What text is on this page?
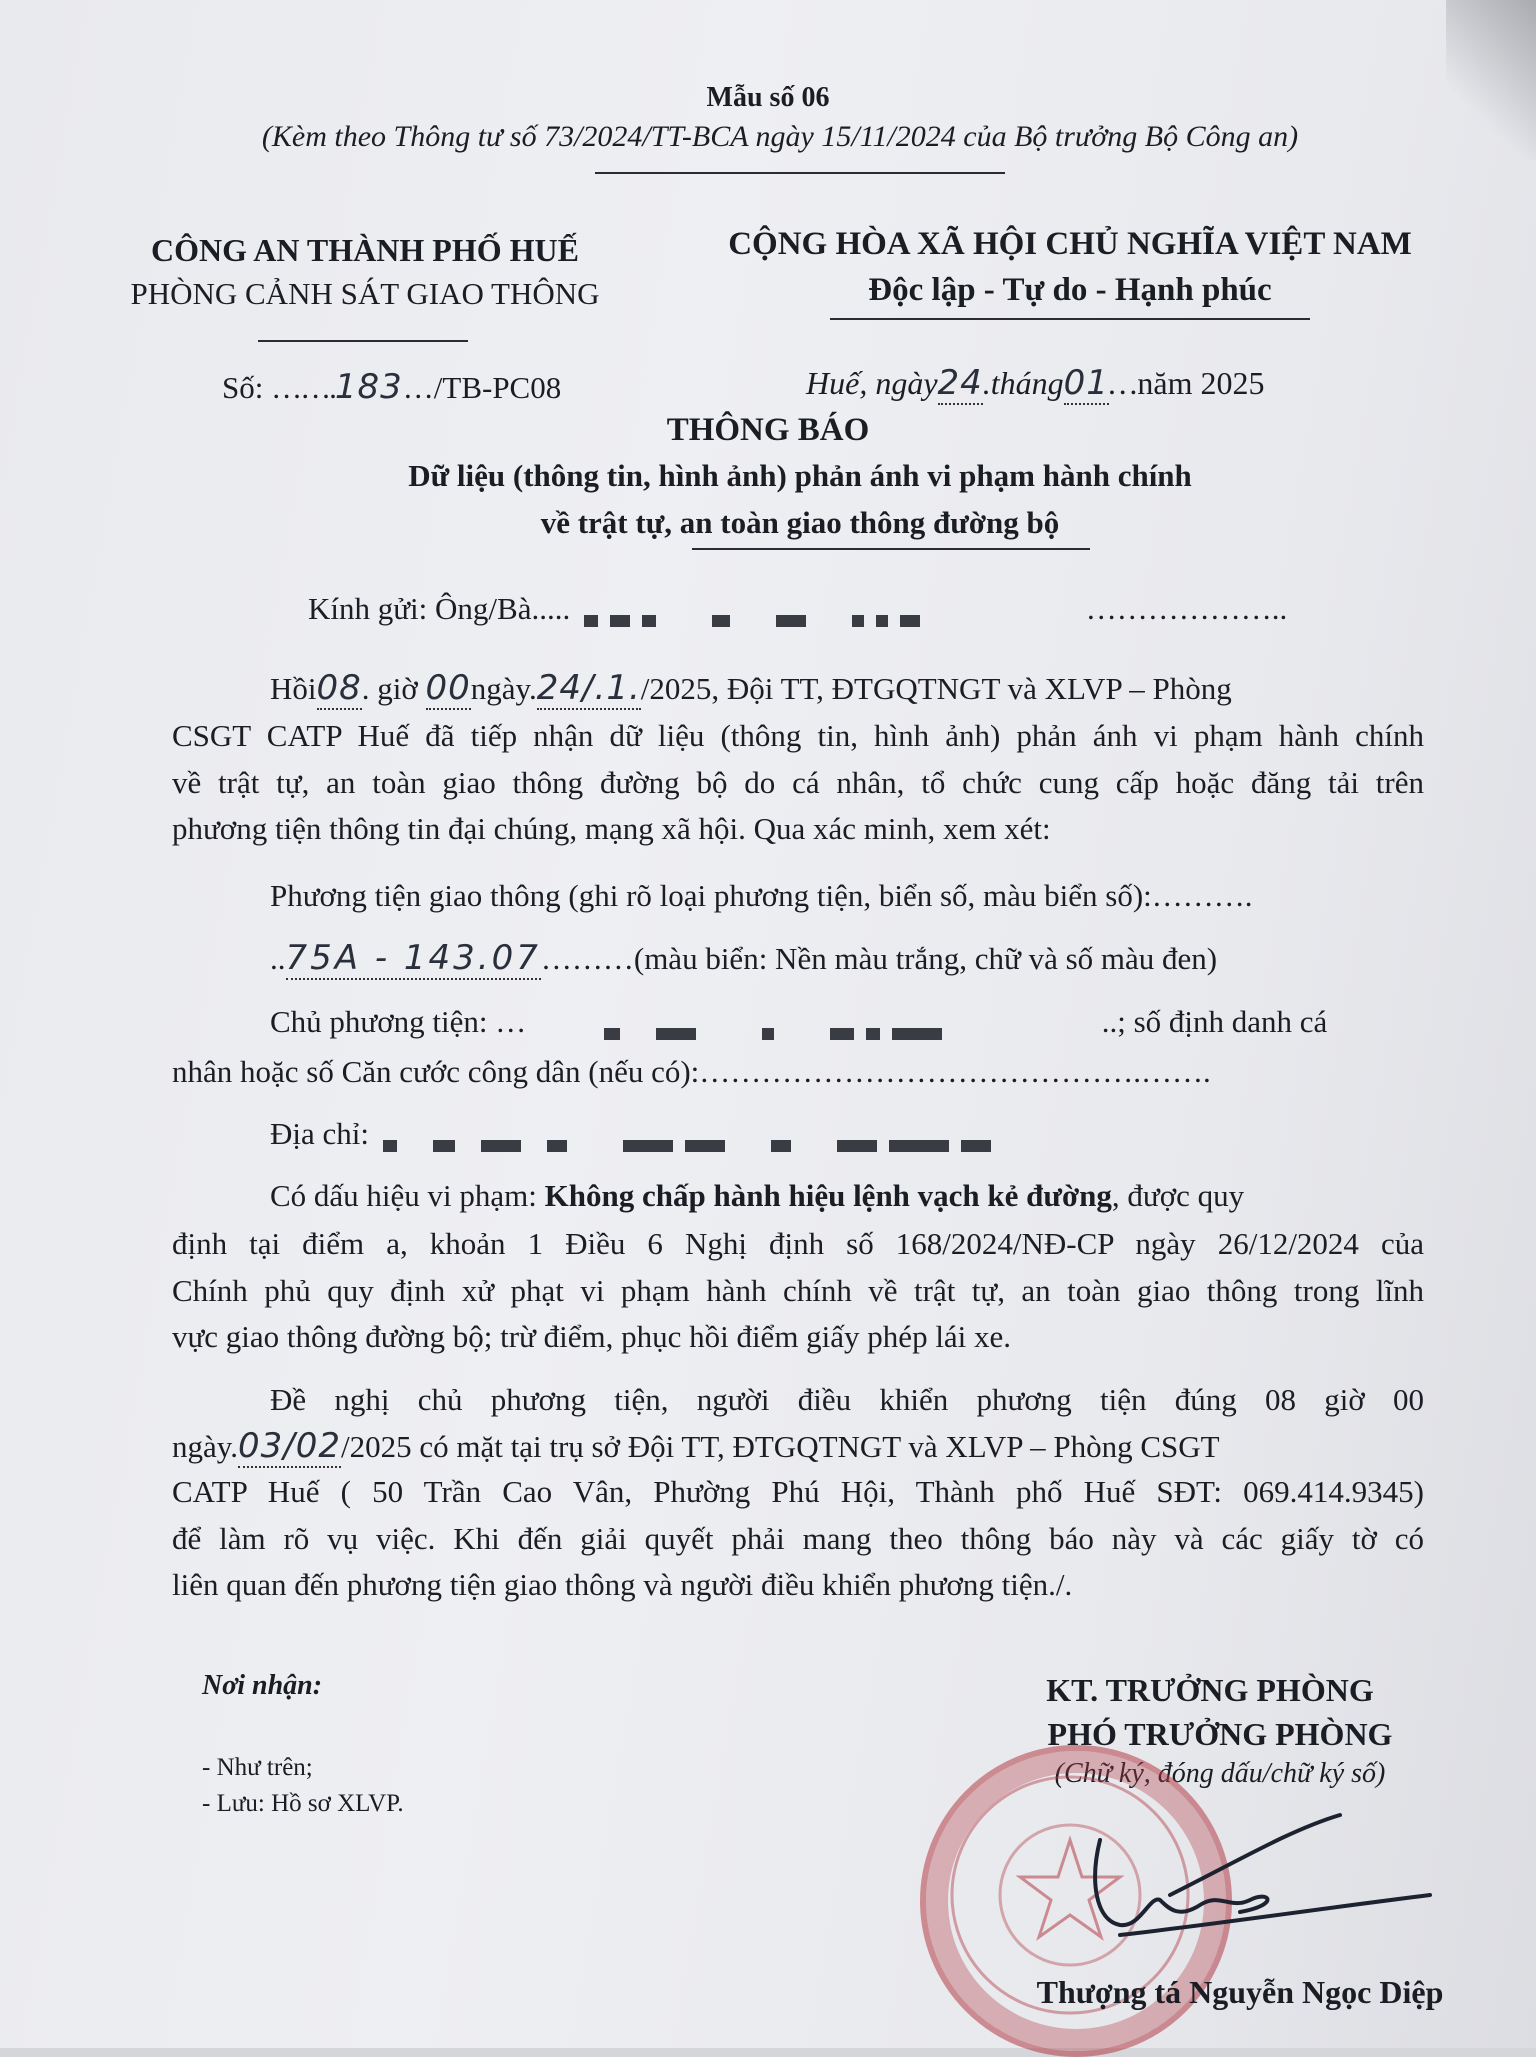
Mẫu số 06
(Kèm theo Thông tư số 73/2024/TT-BCA ngày 15/11/2024 của Bộ trưởng Bộ Công an)
CÔNG AN THÀNH PHỐ HUẾ
PHÒNG CẢNH SÁT GIAO THÔNG
CỘNG HÒA XÃ HỘI CHỦ NGHĨA VIỆT NAM
Độc lập - Tự do - Hạnh phúc
Số: …….183…/TB-PC08	Huế, ngày24.tháng01…năm 2025
THÔNG BÁO
Dữ liệu (thông tin, hình ảnh) phản ánh vi phạm hành chính
về trật tự, an toàn giao thông đường bộ
Kính gửi: Ông/Bà.....	………………..
Hồi08. giờ 00ngày.24/.1./2025, Đội TT, ĐTGQTNGT và XLVP – Phòng
CSGT CATP Huế đã tiếp nhận dữ liệu (thông tin, hình ảnh) phản ánh vi phạm hành chính
về trật tự, an toàn giao thông đường bộ do cá nhân, tổ chức cung cấp hoặc đăng tải trên
phương tiện thông tin đại chúng, mạng xã hội. Qua xác minh, xem xét:
Phương tiện giao thông (ghi rõ loại phương tiện, biển số, màu biển số):……….
..75A - 143.07………(màu biển: Nền màu trắng, chữ và số màu đen)
Chủ phương tiện: …	..; số định danh cá
nhân hoặc số Căn cước công dân (nếu có):…………………………………….…….
Địa chỉ:
Có dấu hiệu vi phạm: Không chấp hành hiệu lệnh vạch kẻ đường, được quy
định tại điểm a, khoản 1 Điều 6 Nghị định số 168/2024/NĐ-CP ngày 26/12/2024 của
Chính phủ quy định xử phạt vi phạm hành chính về trật tự, an toàn giao thông trong lĩnh
vực giao thông đường bộ; trừ điểm, phục hồi điểm giấy phép lái xe.
Đề nghị chủ phương tiện, người điều khiển phương tiện đúng 08 giờ 00
ngày.03/02/2025 có mặt tại trụ sở Đội TT, ĐTGQTNGT và XLVP – Phòng CSGT
CATP Huế ( 50 Trần Cao Vân, Phường Phú Hội, Thành phố Huế SĐT: 069.414.9345)
để làm rõ vụ việc. Khi đến giải quyết phải mang theo thông báo này và các giấy tờ có
liên quan đến phương tiện giao thông và người điều khiển phương tiện./.
Nơi nhận:
- Như trên;
- Lưu: Hồ sơ XLVP.
KT. TRƯỞNG PHÒNG
PHÓ TRƯỞNG PHÒNG
(Chữ ký, đóng dấu/chữ ký số)
Thượng tá Nguyễn Ngọc Diệp
